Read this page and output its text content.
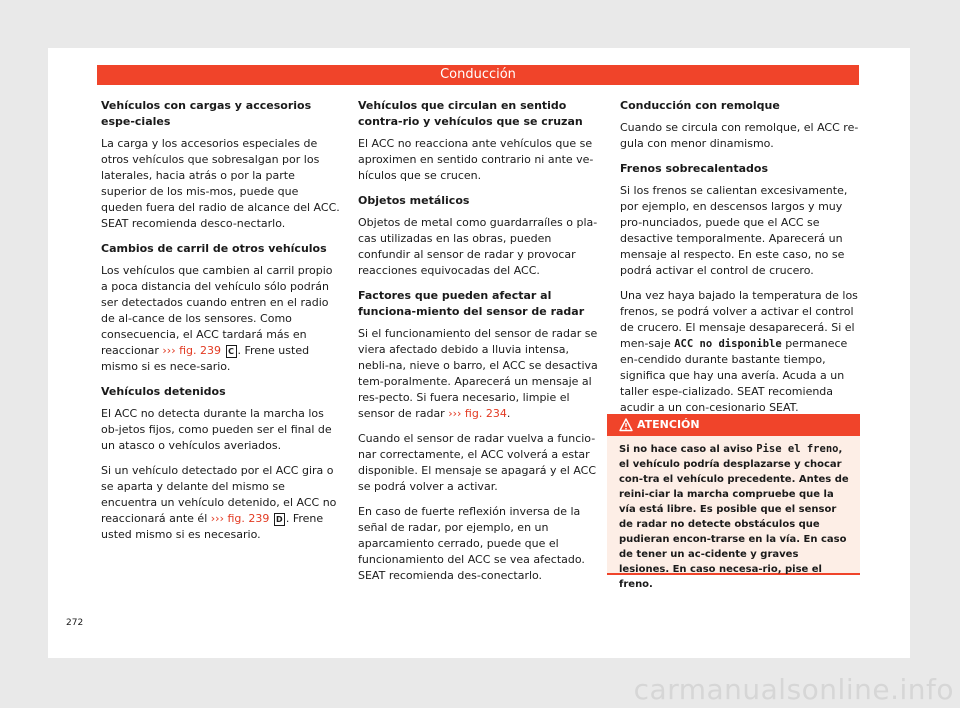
Conducción
Vehículos con cargas y accesorios espe-ciales

La carga y los accesorios especiales de otros vehículos que sobresalgan por los laterales, hacia atrás o por la parte superior de los mis-mos, puede que queden fuera del radio de alcance del ACC. SEAT recomienda desco-nectarlo.

Cambios de carril de otros vehículos

Los vehículos que cambien al carril propio a poca distancia del vehículo sólo podrán ser detectados cuando entren en el radio de al-cance de los sensores. Como consecuencia, el ACC tardará más en reaccionar ››› fig. 239 C . Frene usted mismo si es nece-sario.

Vehículos detenidos

El ACC no detecta durante la marcha los ob-jetos fijos, como pueden ser el final de un atasco o vehículos averiados.

Si un vehículo detectado por el ACC gira o se aparta y delante del mismo se encuentra un vehículo detenido, el ACC no reaccionará ante él ››› fig. 239 D . Frene usted mismo si es necesario.

Vehículos que circulan en sentido contra-rio y vehículos que se cruzan

El ACC no reacciona ante vehículos que se aproximen en sentido contrario ni ante ve-hículos que se crucen.

Objetos metálicos

Objetos de metal como guardarraíles o pla-cas utilizadas en las obras, pueden confundir al sensor de radar y provocar reacciones equivocadas del ACC.

Factores que pueden afectar al funciona-miento del sensor de radar

Si el funcionamiento del sensor de radar se viera afectado debido a lluvia intensa, nebli-na, nieve o barro, el ACC se desactiva tem-poralmente. Aparecerá un mensaje al res-pecto. Si fuera necesario, limpie el sensor de radar ››› fig. 234.

Cuando el sensor de radar vuelva a funcio-nar correctamente, el ACC volverá a estar disponible. El mensaje se apagará y el ACC se podrá volver a activar.

En caso de fuerte reflexión inversa de la señal de radar, por ejemplo, en un aparcamiento cerrado, puede que el funcionamiento del ACC se vea afectado. SEAT recomienda des-conectarlo.

Conducción con remolque

Cuando se circula con remolque, el ACC re-gula con menor dinamismo.

Frenos sobrecalentados

Si los frenos se calientan excesivamente, por ejemplo, en descensos largos y muy pro-nunciados, puede que el ACC se desactive temporalmente. Aparecerá un mensaje al respecto. En este caso, no se podrá activar el control de crucero.

Una vez haya bajado la temperatura de los frenos, se podrá volver a activar el control de crucero. El mensaje desaparecerá. Si el men-saje ACC no disponible permanece en-cendido durante bastante tiempo, significa que hay una avería. Acuda a un taller espe-cializado. SEAT recomienda acudir a un con-cesionario SEAT.

ATENCIÓN
Si no hace caso al aviso Pise el freno, el vehículo podría desplazarse y chocar con-tra el vehículo precedente. Antes de reini-ciar la marcha compruebe que la vía está libre. Es posible que el sensor de radar no detecte obstáculos que pudieran encon-trarse en la vía. En caso de tener un ac-cidente y graves lesiones. En caso necesa-rio, pise el freno.
272
carmanualsonline.info
